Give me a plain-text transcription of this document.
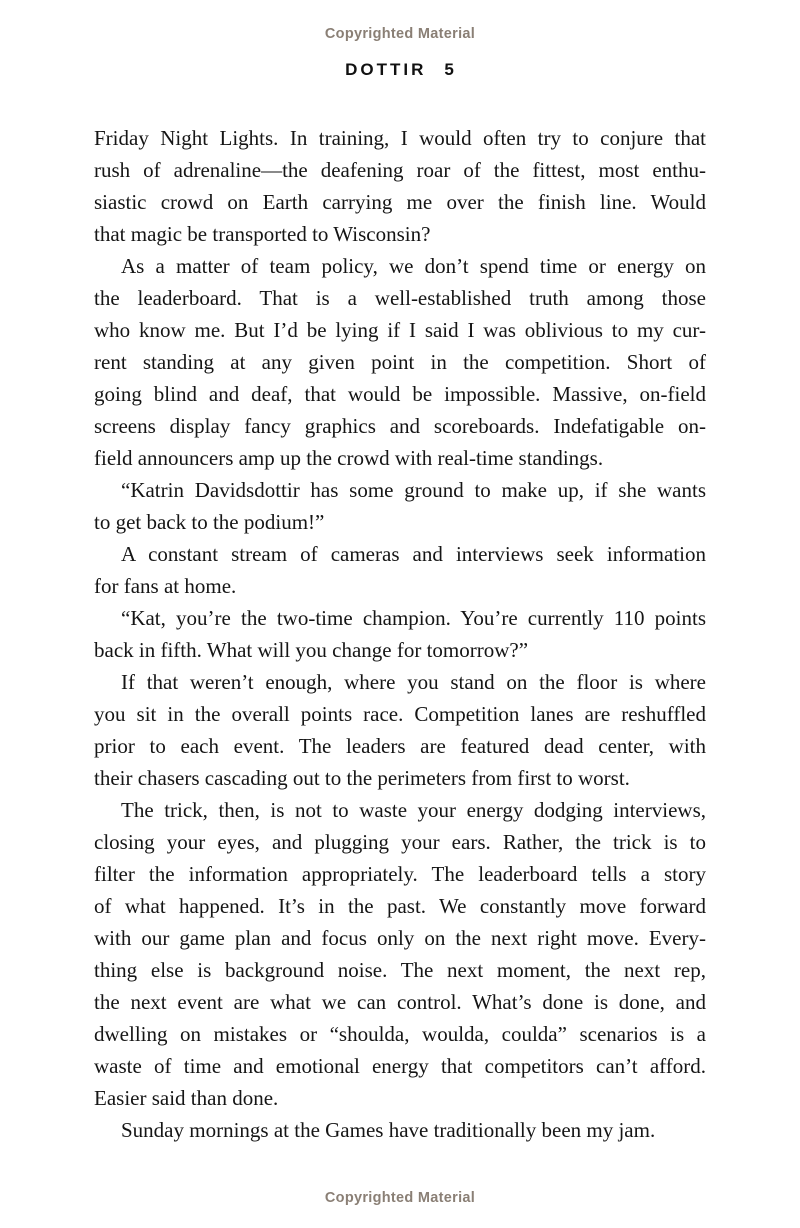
Copyrighted Material
DOTTIR 5
Friday Night Lights. In training, I would often try to conjure that
rush of adrenaline—the deafening roar of the fittest, most enthu-
siastic crowd on Earth carrying me over the finish line. Would
that magic be transported to Wisconsin?
As a matter of team policy, we don’t spend time or energy on
the leaderboard. That is a well-established truth among those
who know me. But I’d be lying if I said I was oblivious to my cur-
rent standing at any given point in the competition. Short of
going blind and deaf, that would be impossible. Massive, on-field
screens display fancy graphics and scoreboards. Indefatigable on-
field announcers amp up the crowd with real-time standings.
“Katrin Davidsdottir has some ground to make up, if she wants
to get back to the podium!”
A constant stream of cameras and interviews seek information
for fans at home.
“Kat, you’re the two-time champion. You’re currently 110 points
back in fifth. What will you change for tomorrow?”
If that weren’t enough, where you stand on the floor is where
you sit in the overall points race. Competition lanes are reshuffled
prior to each event. The leaders are featured dead center, with
their chasers cascading out to the perimeters from first to worst.
The trick, then, is not to waste your energy dodging interviews,
closing your eyes, and plugging your ears. Rather, the trick is to
filter the information appropriately. The leaderboard tells a story
of what happened. It’s in the past. We constantly move forward
with our game plan and focus only on the next right move. Every-
thing else is background noise. The next moment, the next rep,
the next event are what we can control. What’s done is done, and
dwelling on mistakes or “shoulda, woulda, coulda” scenarios is a
waste of time and emotional energy that competitors can’t afford.
Easier said than done.
Sunday mornings at the Games have traditionally been my jam.
Copyrighted Material
